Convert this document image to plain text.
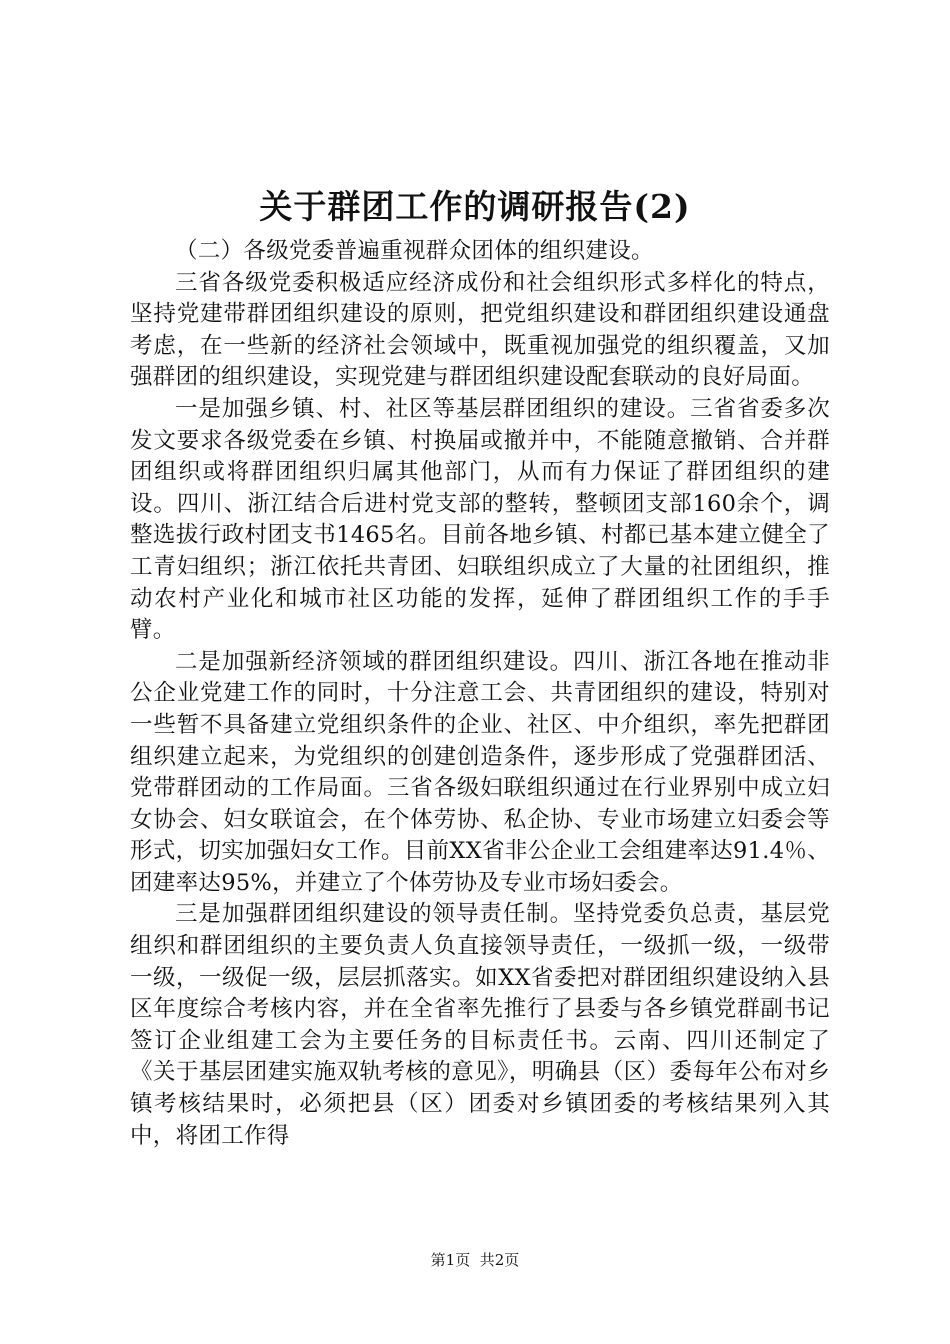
关于群团工作的调研报告(2)

（二）各级党委普遍重视群众团体的组织建设。

三省各级党委积极适应经济成份和社会组织形式多样化的特点，坚持党建带群团组织建设的原则，把党组织建设和群团组织建设通盘考虑，在一些新的经济社会领域中，既重视加强党的组织覆盖，又加强群团的组织建设，实现党建与群团组织建设配套联动的良好局面。

一是加强乡镇、村、社区等基层群团组织的建设。三省省委多次发文要求各级党委在乡镇、村换届或撤并中，不能随意撤销、合并群团组织或将群团组织归属其他部门，从而有力保证了群团组织的建设。四川、浙江结合后进村党支部的整转，整顿团支部160余个，调整选拔行政村团支书1465名。目前各地乡镇、村都已基本建立健全了工青妇组织；浙江依托共青团、妇联组织成立了大量的社团组织，推动农村产业化和城市社区功能的发挥，延伸了群团组织工作的手手臂。

二是加强新经济领域的群团组织建设。四川、浙江各地在推动非公企业党建工作的同时，十分注意工会、共青团组织的建设，特别对一些暂不具备建立党组织条件的企业、社区、中介组织，率先把群团组织建立起来，为党组织的创建创造条件，逐步形成了党强群团活、党带群团动的工作局面。三省各级妇联组织通过在行业界别中成立妇女协会、妇女联谊会，在个体劳协、私企协、专业市场建立妇委会等形式，切实加强妇女工作。目前XX省非公企业工会组建率达91.4％、团建率达95%，并建立了个体劳协及专业市场妇委会。

三是加强群团组织建设的领导责任制。坚持党委负总责，基层党组织和群团组织的主要负责人负直接领导责任，一级抓一级，一级带一级，一级促一级，层层抓落实。如XX省委把对群团组织建设纳入县区年度综合考核内容，并在全省率先推行了县委与各乡镇党群副书记签订企业组建工会为主要任务的目标责任书。云南、四川还制定了《关于基层团建实施双轨考核的意见》，明确县（区）委每年公布对乡镇考核结果时，必须把县（区）团委对乡镇团委的考核结果列入其中，将团工作得

第1页 共2页
